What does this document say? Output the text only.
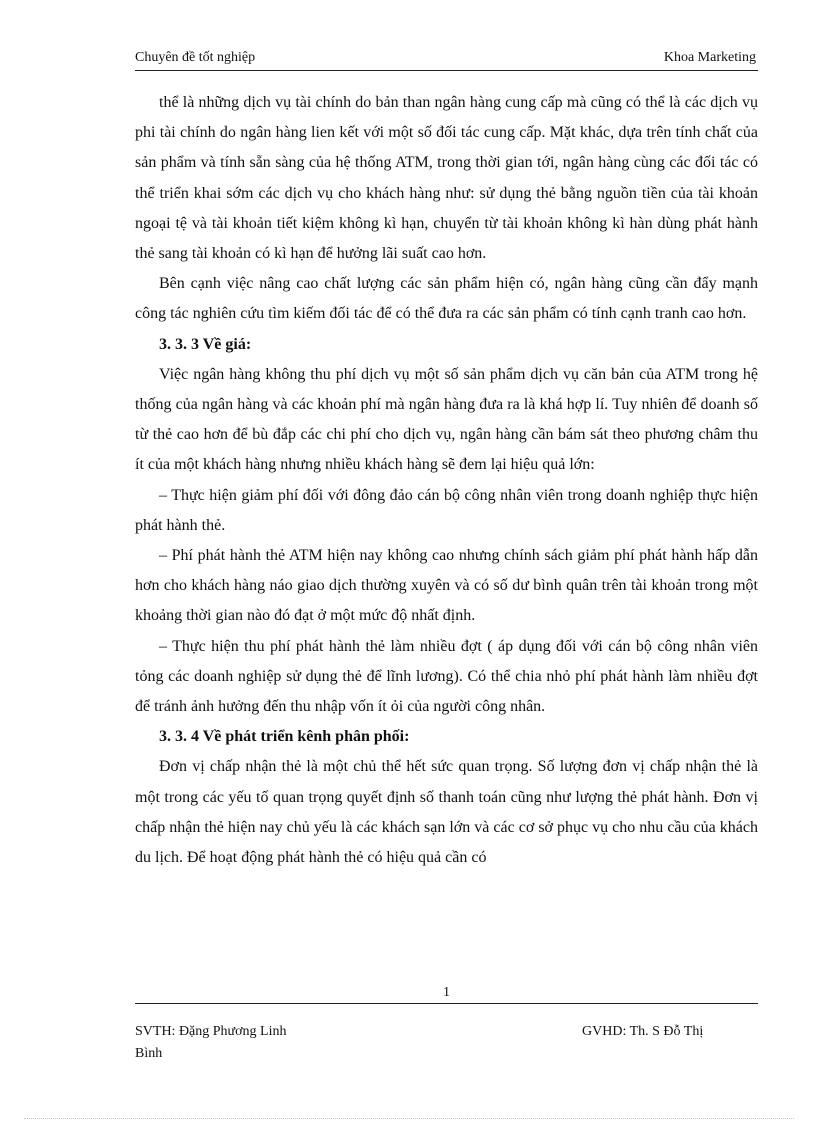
Chuyên đề tốt nghiệp	Khoa Marketing

thể là những dịch vụ tài chính do bản than ngân hàng cung cấp mà cũng có thể là các dịch vụ phi tài chính do ngân hàng lien kết với một số đối tác cung cấp. Mặt khác, dựa trên tính chất của sản phẩm và tính sẵn sàng của hệ thống ATM, trong thời gian tới, ngân hàng cùng các đối tác có thể triển khai sớm các dịch vụ cho khách hàng như: sử dụng thẻ bằng nguồn tiền của tài khoản ngoại tệ và tài khoản tiết kiệm không kì hạn, chuyển từ tài khoản không kì hàn dùng phát hành thẻ sang tài khoản có kì hạn để hưởng lãi suất cao hơn.

Bên cạnh việc nâng cao chất lượng các sản phẩm hiện có, ngân hàng cũng cần đẩy mạnh công tác nghiên cứu tìm kiếm đối tác để có thể đưa ra các sản phẩm có tính cạnh tranh cao hơn.

3. 3. 3 Về giá:

Việc ngân hàng không thu phí dịch vụ một số sản phẩm dịch vụ căn bản của ATM trong hệ thống của ngân hàng và các khoản phí mà ngân hàng đưa ra là khá hợp lí. Tuy nhiên để doanh số từ thẻ cao hơn để bù đắp các chi phí cho dịch vụ, ngân hàng cần bám sát theo phương châm thu ít của một khách hàng nhưng nhiều khách hàng sẽ đem lại hiệu quả lớn:

– Thực hiện giảm phí đối với đông đảo cán bộ công nhân viên trong doanh nghiệp thực hiện phát hành thẻ.

– Phí phát hành thẻ ATM hiện nay không cao nhưng chính sách giảm phí phát hành hấp dẫn hơn cho khách hàng náo giao dịch thường xuyên và có số dư bình quân trên tài khoản trong một khoảng thời gian nào đó đạt ở một mức độ nhất định.

– Thực hiện thu phí phát hành thẻ làm nhiều đợt ( áp dụng đối với cán bộ công nhân viên tỏng các doanh nghiệp sử dụng thẻ để lĩnh lương). Có thể chia nhỏ phí phát hành làm nhiều đợt để tránh ảnh hưởng đến thu nhập vốn ít ỏi của người công nhân.

3. 3. 4 Về phát triển kênh phân phối:

Đơn vị chấp nhận thẻ là một chủ thể hết sức quan trọng. Số lượng đơn vị chấp nhận thẻ là một trong các yếu tố quan trọng quyết định số thanh toán cũng như lượng thẻ phát hành. Đơn vị chấp nhận thẻ hiện nay chủ yếu là các khách sạn lớn và các cơ sở phục vụ cho nhu cầu của khách du lịch. Để hoạt động phát hành thẻ có hiệu quả cần có

1
SVTH: Đặng Phương Linh	GVHD: Th. S Đỗ Thị
Bình
